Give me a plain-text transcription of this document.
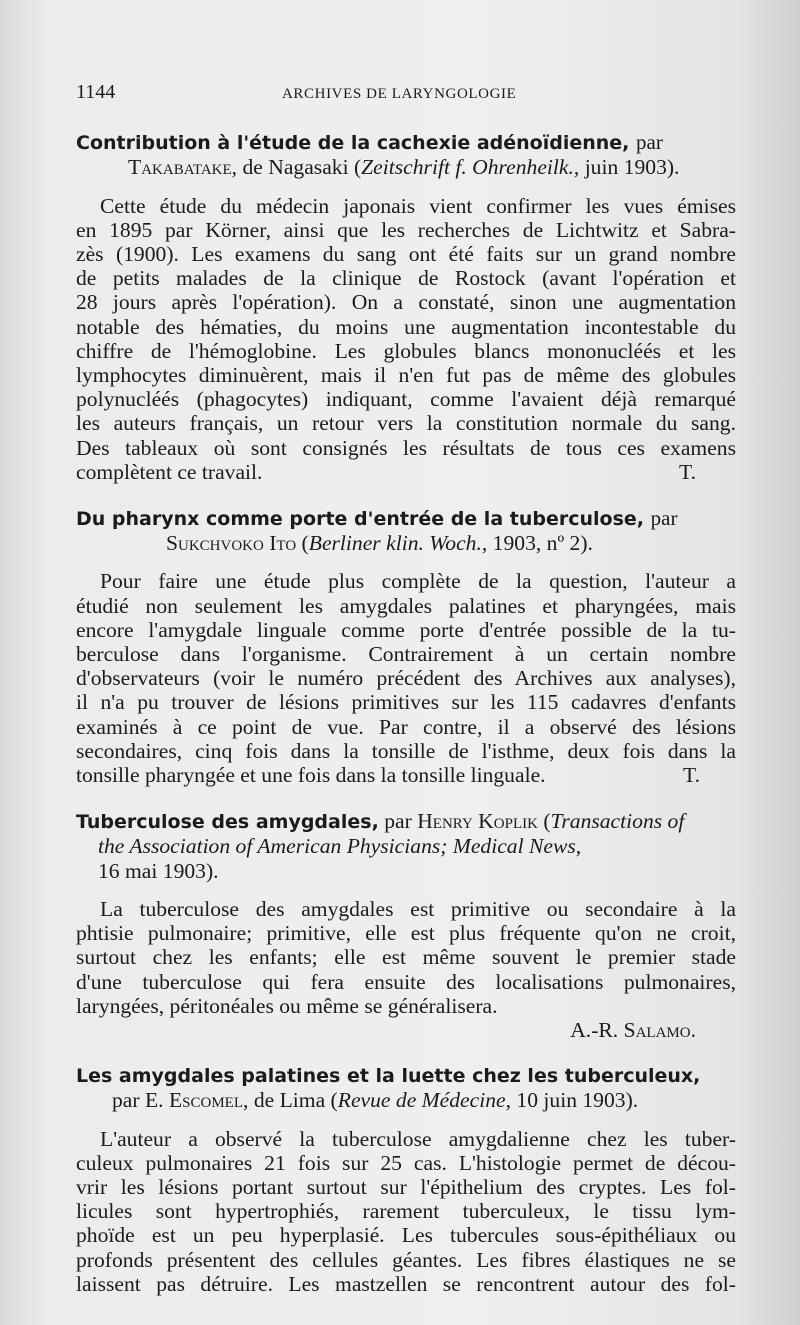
1144	ARCHIVES DE LARYNGOLOGIE
Contribution à l'étude de la cachexie adénoïdienne, par
Takabatake, de Nagasaki (Zeitschrift f. Ohrenheilk., juin 1903).
Cette étude du médecin japonais vient confirmer les vues émises
en 1895 par Körner, ainsi que les recherches de Lichtwitz et Sabra-
zès (1900). Les examens du sang ont été faits sur un grand nombre
de petits malades de la clinique de Rostock (avant l'opération et
28 jours après l'opération). On a constaté, sinon une augmentation
notable des hématies, du moins une augmentation incontestable du
chiffre de l'hémoglobine. Les globules blancs mononucléés et les
lymphocytes diminuèrent, mais il n'en fut pas de même des globules
polynucléés (phagocytes) indiquant, comme l'avaient déjà remarqué
les auteurs français, un retour vers la constitution normale du sang.
Des tableaux où sont consignés les résultats de tous ces examens
complètent ce travail.	T.
Du pharynx comme porte d'entrée de la tuberculose, par
Sukchvoko Ito (Berliner klin. Woch., 1903, nº 2).
Pour faire une étude plus complète de la question, l'auteur a
étudié non seulement les amygdales palatines et pharyngées, mais
encore l'amygdale linguale comme porte d'entrée possible de la tu-
berculose dans l'organisme. Contrairement à un certain nombre
d'observateurs (voir le numéro précédent des Archives aux analyses),
il n'a pu trouver de lésions primitives sur les 115 cadavres d'enfants
examinés à ce point de vue. Par contre, il a observé des lésions
secondaires, cinq fois dans la tonsille de l'isthme, deux fois dans la
tonsille pharyngée et une fois dans la tonsille linguale.	T.
Tuberculose des amygdales, par Henry Koplik (Transactions of
the Association of American Physicians; Medical News,
16 mai 1903).
La tuberculose des amygdales est primitive ou secondaire à la
phtisie pulmonaire; primitive, elle est plus fréquente qu'on ne croit,
surtout chez les enfants; elle est même souvent le premier stade
d'une tuberculose qui fera ensuite des localisations pulmonaires,
laryngées, péritonéales ou même se généralisera.
A.-R. Salamo.
Les amygdales palatines et la luette chez les tuberculeux,
par E. Escomel, de Lima (Revue de Médecine, 10 juin 1903).
L'auteur a observé la tuberculose amygdalienne chez les tuber-
culeux pulmonaires 21 fois sur 25 cas. L'histologie permet de décou-
vrir les lésions portant surtout sur l'épithelium des cryptes. Les fol-
licules sont hypertrophiés, rarement tuberculeux, le tissu lym-
phoïde est un peu hyperplasié. Les tubercules sous-épithéliaux ou
profonds présentent des cellules géantes. Les fibres élastiques ne se
laissent pas détruire. Les mastzellen se rencontrent autour des fol-
